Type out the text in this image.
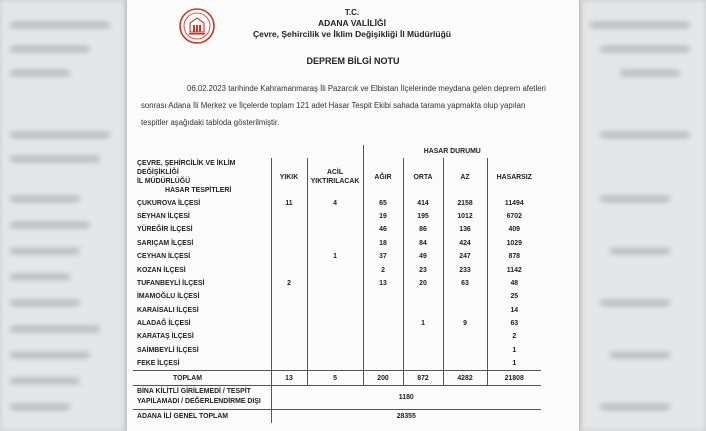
T.C.
ADANA VALİLİĞİ
Çevre, Şehircilik ve İklim Değişikliği İl Müdürlüğü
DEPREM BİLGİ NOTU
06.02.2023 tarihinde Kahramanmaraş İli Pazarcık ve Elbistan İlçelerinde meydana gelen deprem afetleri
sonrası Adana İli Merkez ve İlçelerde toplam 121 adet Hasar Tespit Ekibi sahada tarama yapmakta olup yapılan
tespitler aşağıdaki tabloda gösterilmiştir.
			HASAR DURUMU			

ÇEVRE, ŞEHİRCİLİK VE İKLİM DEĞİŞİKLİĞİ
İL MÜDÜRLÜĞÜ
HASAR TESPİTLERİ	YIKIK	ACİL YIKTIRILACAK	AĞIR	ORTA	AZ	HASARSIZ
ÇUKUROVA İLÇESİ	11	4	65	414	2158	11494
SEYHAN İLÇESİ			19	195	1012	6702
YÜREĞİR İLÇESİ			46	86	136	409
SARIÇAM İLÇESİ			18	84	424	1029
CEYHAN İLÇESİ		1	37	49	247	878
KOZAN İLÇESİ			2	23	233	1142
TUFANBEYLİ İLÇESİ	2		13	20	63	48
İMAMOĞLU İLÇESİ						25
KARAİSALI İLÇESİ						14
ALADAĞ İLÇESİ				1	9	63
KARATAŞ İLÇESİ						2
SAİMBEYLİ İLÇESİ						1
FEKE İLÇESİ						1
TOPLAM	13	5	200	872	4282	21808

BİNA KİLİTLİ GİRİLEMEDİ / TESPİT
YAPILAMADI / DEĞERLENDİRME DIŞI	1180					
ADANA İLİ GENEL TOPLAM	28355					
